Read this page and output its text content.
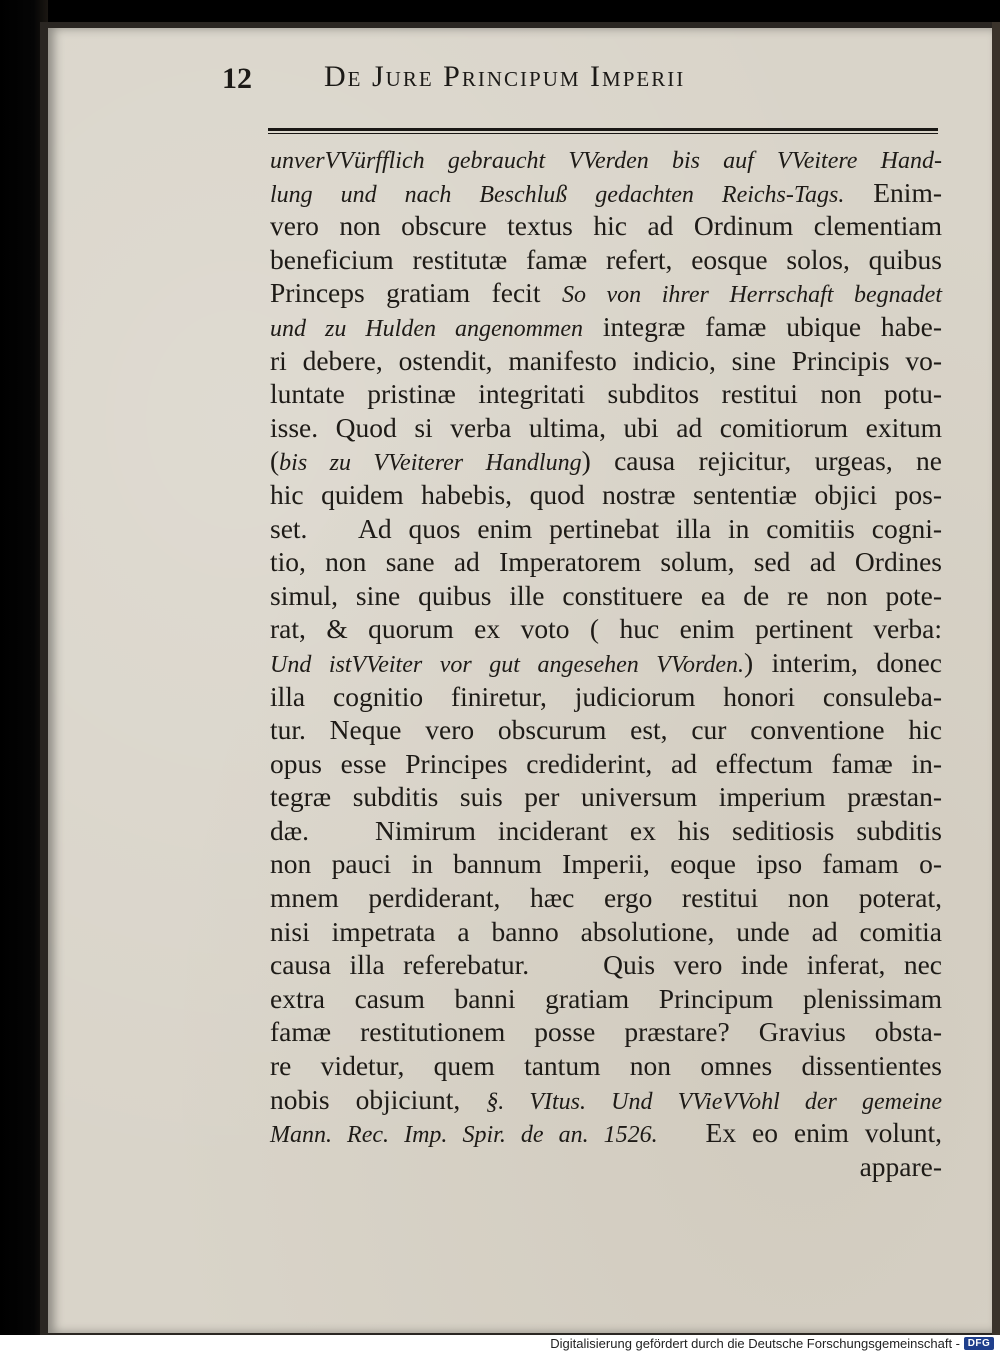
12 De Jure Principum Imperii
unverVVürfflich gebraucht VVerden bis auf VVeitere Hand-
lung und nach Beschluß gedachten Reichs-Tags. Enim-
vero non obscure textus hic ad Ordinum clementiam
beneficium restitutæ famæ refert, eosque solos, quibus
Princeps gratiam fecit So von ihrer Herrschaft begnadet
und zu Hulden angenommen integræ famæ ubique habe-
ri debere, ostendit, manifesto indicio, sine Principis vo-
luntate pristinæ integritati subditos restitui non potu-
isse. Quod si verba ultima, ubi ad comitiorum exitum
(bis zu VVeiterer Handlung) causa rejicitur, urgeas, ne
hic quidem habebis, quod nostræ sententiæ objici pos-
set.   Ad quos enim pertinebat illa in comitiis cogni-
tio, non sane ad Imperatorem solum, sed ad Ordines
simul, sine quibus ille constituere ea de re non pote-
rat, & quorum ex voto ( huc enim pertinent verba:
Und istVVeiter vor gut angesehen VVorden.) interim, donec
illa cognitio finiretur, judiciorum honori consuleba-
tur. Neque vero obscurum est, cur conventione hic
opus esse Principes crediderint, ad effectum famæ in-
tegræ subditis suis per universum imperium præstan-
dæ.   Nimirum inciderant ex his seditiosis subditis
non pauci in bannum Imperii, eoque ipso famam o-
mnem perdiderant, hæc ergo restitui non poterat,
nisi impetrata a banno absolutione, unde ad comitia
causa illa referebatur.    Quis vero inde inferat, nec
extra casum banni gratiam Principum plenissimam
famæ restitutionem posse præstare? Gravius obsta-
re videtur, quem tantum non omnes dissentientes
nobis objiciunt, §. VItus. Und VVieVVohl der gemeine
Mann. Rec. Imp. Spir. de an. 1526.   Ex eo enim volunt,
appare-
Digitalisierung gefördert durch die Deutsche Forschungsgemeinschaft - DFG
